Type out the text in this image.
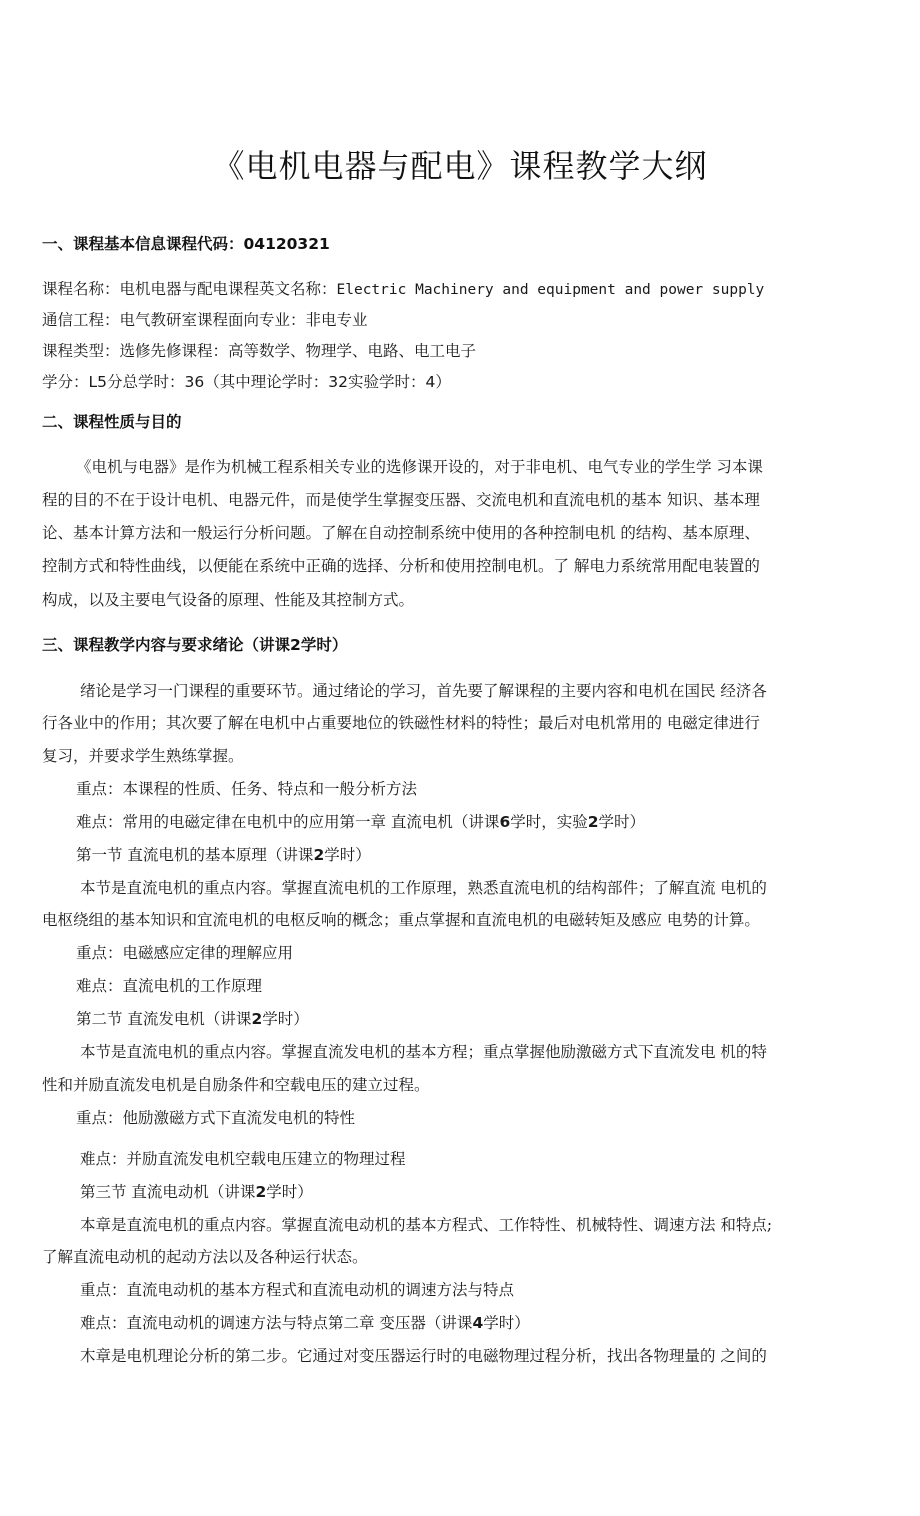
《电机电器与配电》课程教学大纲
一、课程基本信息课程代码：04120321
课程名称：电机电器与配电课程英文名称：Electric Machinery and equipment and power supply
通信工程：电气教研室课程面向专业：非电专业
课程类型：选修先修课程：高等数学、物理学、电路、电工电子
学分：L5分总学时：36（其中理论学时：32实验学时：4）
二、课程性质与目的
《电机与电器》是作为机械工程系相关专业的选修课开设的，对于非电机、电气专业的学生学 习本课
程的目的不在于设计电机、电器元件，而是使学生掌握变压器、交流电机和直流电机的基本 知识、基本理
论、基本计算方法和一般运行分析问题。了解在自动控制系统中使用的各种控制电机 的结构、基本原理、
控制方式和特性曲线，以便能在系统中正确的选择、分析和使用控制电机。了 解电力系统常用配电装置的
构成，以及主要电气设备的原理、性能及其控制方式。
三、课程教学内容与要求绪论（讲课2学时）
绪论是学习一门课程的重要环节。通过绪论的学习，首先要了解课程的主要内容和电机在国民 经济各
行各业中的作用；其次要了解在电机中占重要地位的铁磁性材料的特性；最后对电机常用的 电磁定律进行
复习，并要求学生熟练掌握。
重点：本课程的性质、任务、特点和一般分析方法
难点：常用的电磁定律在电机中的应用第一章 直流电机（讲课6学时，实验2学时）
第一节 直流电机的基本原理（讲课2学时）
本节是直流电机的重点内容。掌握直流电机的工作原理，熟悉直流电机的结构部件；了解直流 电机的
电枢绕组的基本知识和宜流电机的电枢反响的概念；重点掌握和直流电机的电磁转矩及感应 电势的计算。
重点：电磁感应定律的理解应用
难点：直流电机的工作原理
第二节 直流发电机（讲课2学时）
本节是直流电机的重点内容。掌握直流发电机的基本方程；重点掌握他励激磁方式下直流发电 机的特
性和并励直流发电机是自励条件和空载电压的建立过程。
重点：他励激磁方式下直流发电机的特性
难点：并励直流发电机空载电压建立的物理过程
第三节 直流电动机（讲课2学时）
本章是直流电机的重点内容。掌握直流电动机的基本方程式、工作特性、机械特性、调速方法 和特点;
了解直流电动机的起动方法以及各种运行状态。
重点：直流电动机的基本方程式和直流电动机的调速方法与特点
难点：直流电动机的调速方法与特点第二章 变压器（讲课4学时）
木章是电机理论分析的第二步。它通过对变压器运行时的电磁物理过程分析，找出各物理量的 之间的
